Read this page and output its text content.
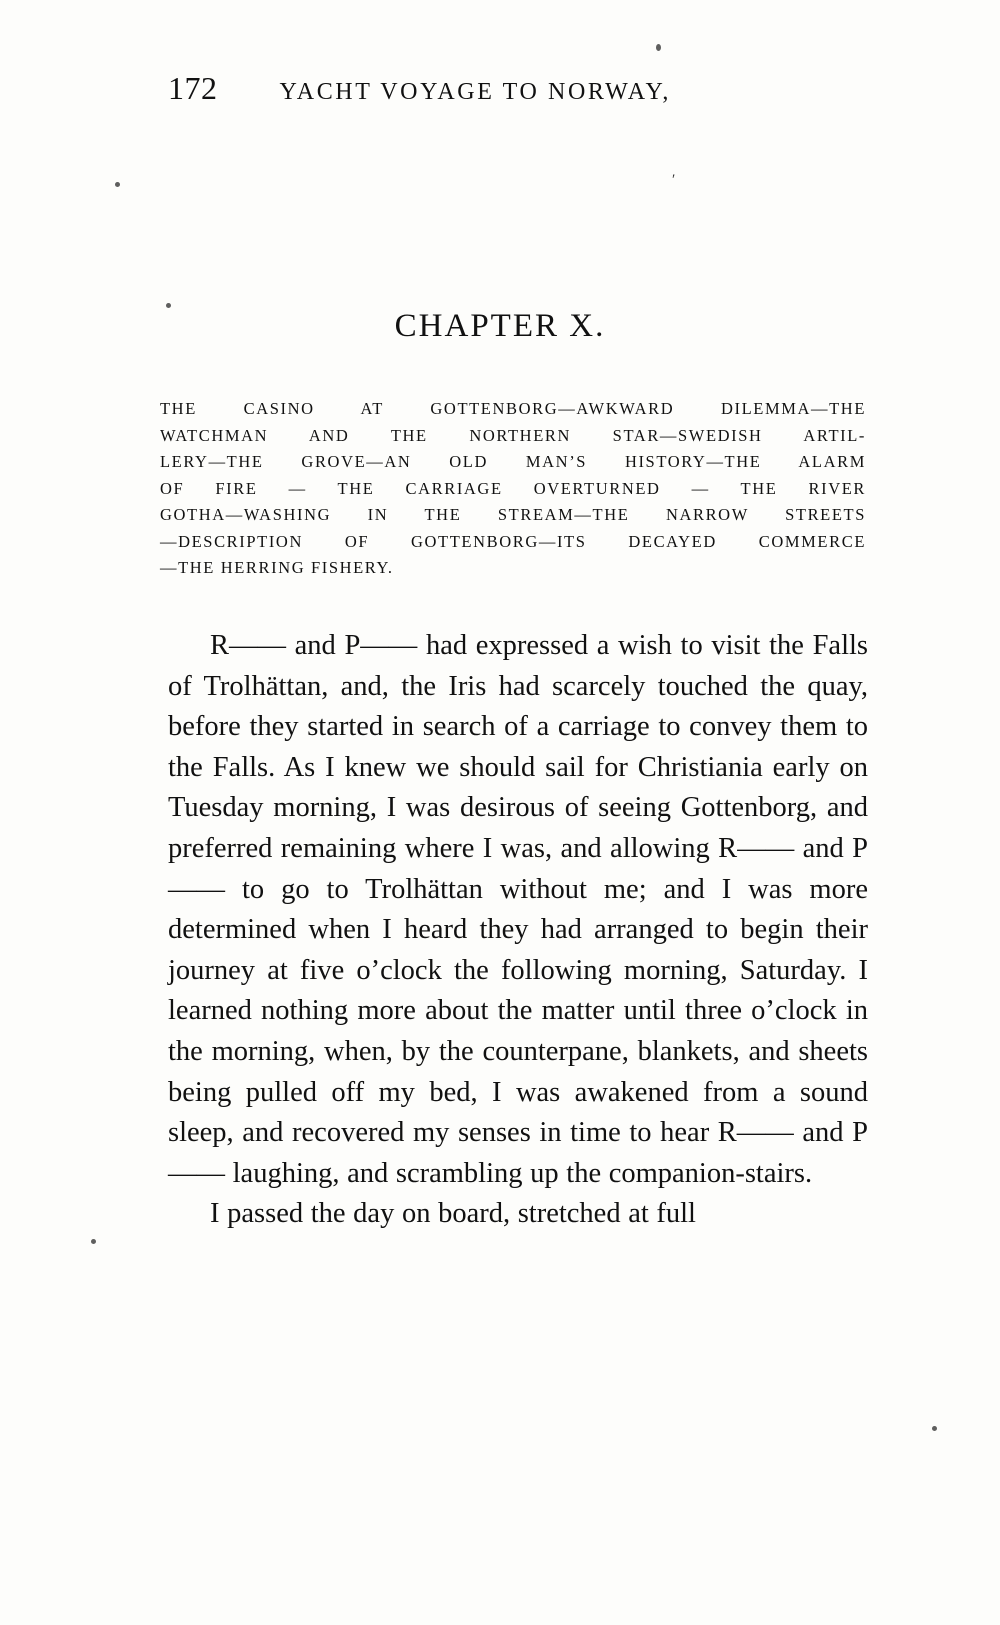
172	YACHT VOYAGE TO NORWAY,
′
CHAPTER X.
THE CASINO AT GOTTENBORG—AWKWARD DILEMMA—THE
WATCHMAN AND THE NORTHERN STAR—SWEDISH ARTIL-
LERY—THE GROVE—AN OLD MAN’S HISTORY—THE ALARM
OF FIRE — THE CARRIAGE OVERTURNED — THE RIVER
GOTHA—WASHING IN THE STREAM—THE NARROW STREETS
—DESCRIPTION OF GOTTENBORG—ITS DECAYED COMMERCE
—THE HERRING FISHERY.

R—— and P—— had expressed a wish to visit the Falls of Trolhättan, and, the Iris had scarcely touched the quay, before they started in search of a carriage to convey them to the Falls. As I knew we should sail for Christiania early on Tuesday morning, I was desirous of seeing Gottenborg, and preferred remaining where I was, and allowing R—— and P—— to go to Trolhättan without me; and I was more determined when I heard they had arranged to begin their journey at five o’clock the following morning, Saturday. I learned nothing more about the matter until three o’clock in the morning, when, by the counterpane, blankets, and sheets being pulled off my bed, I was awakened from a sound sleep, and recovered my senses in time to hear R—— and P—— laughing, and scrambling up the companion-stairs.

I passed the day on board, stretched at full
